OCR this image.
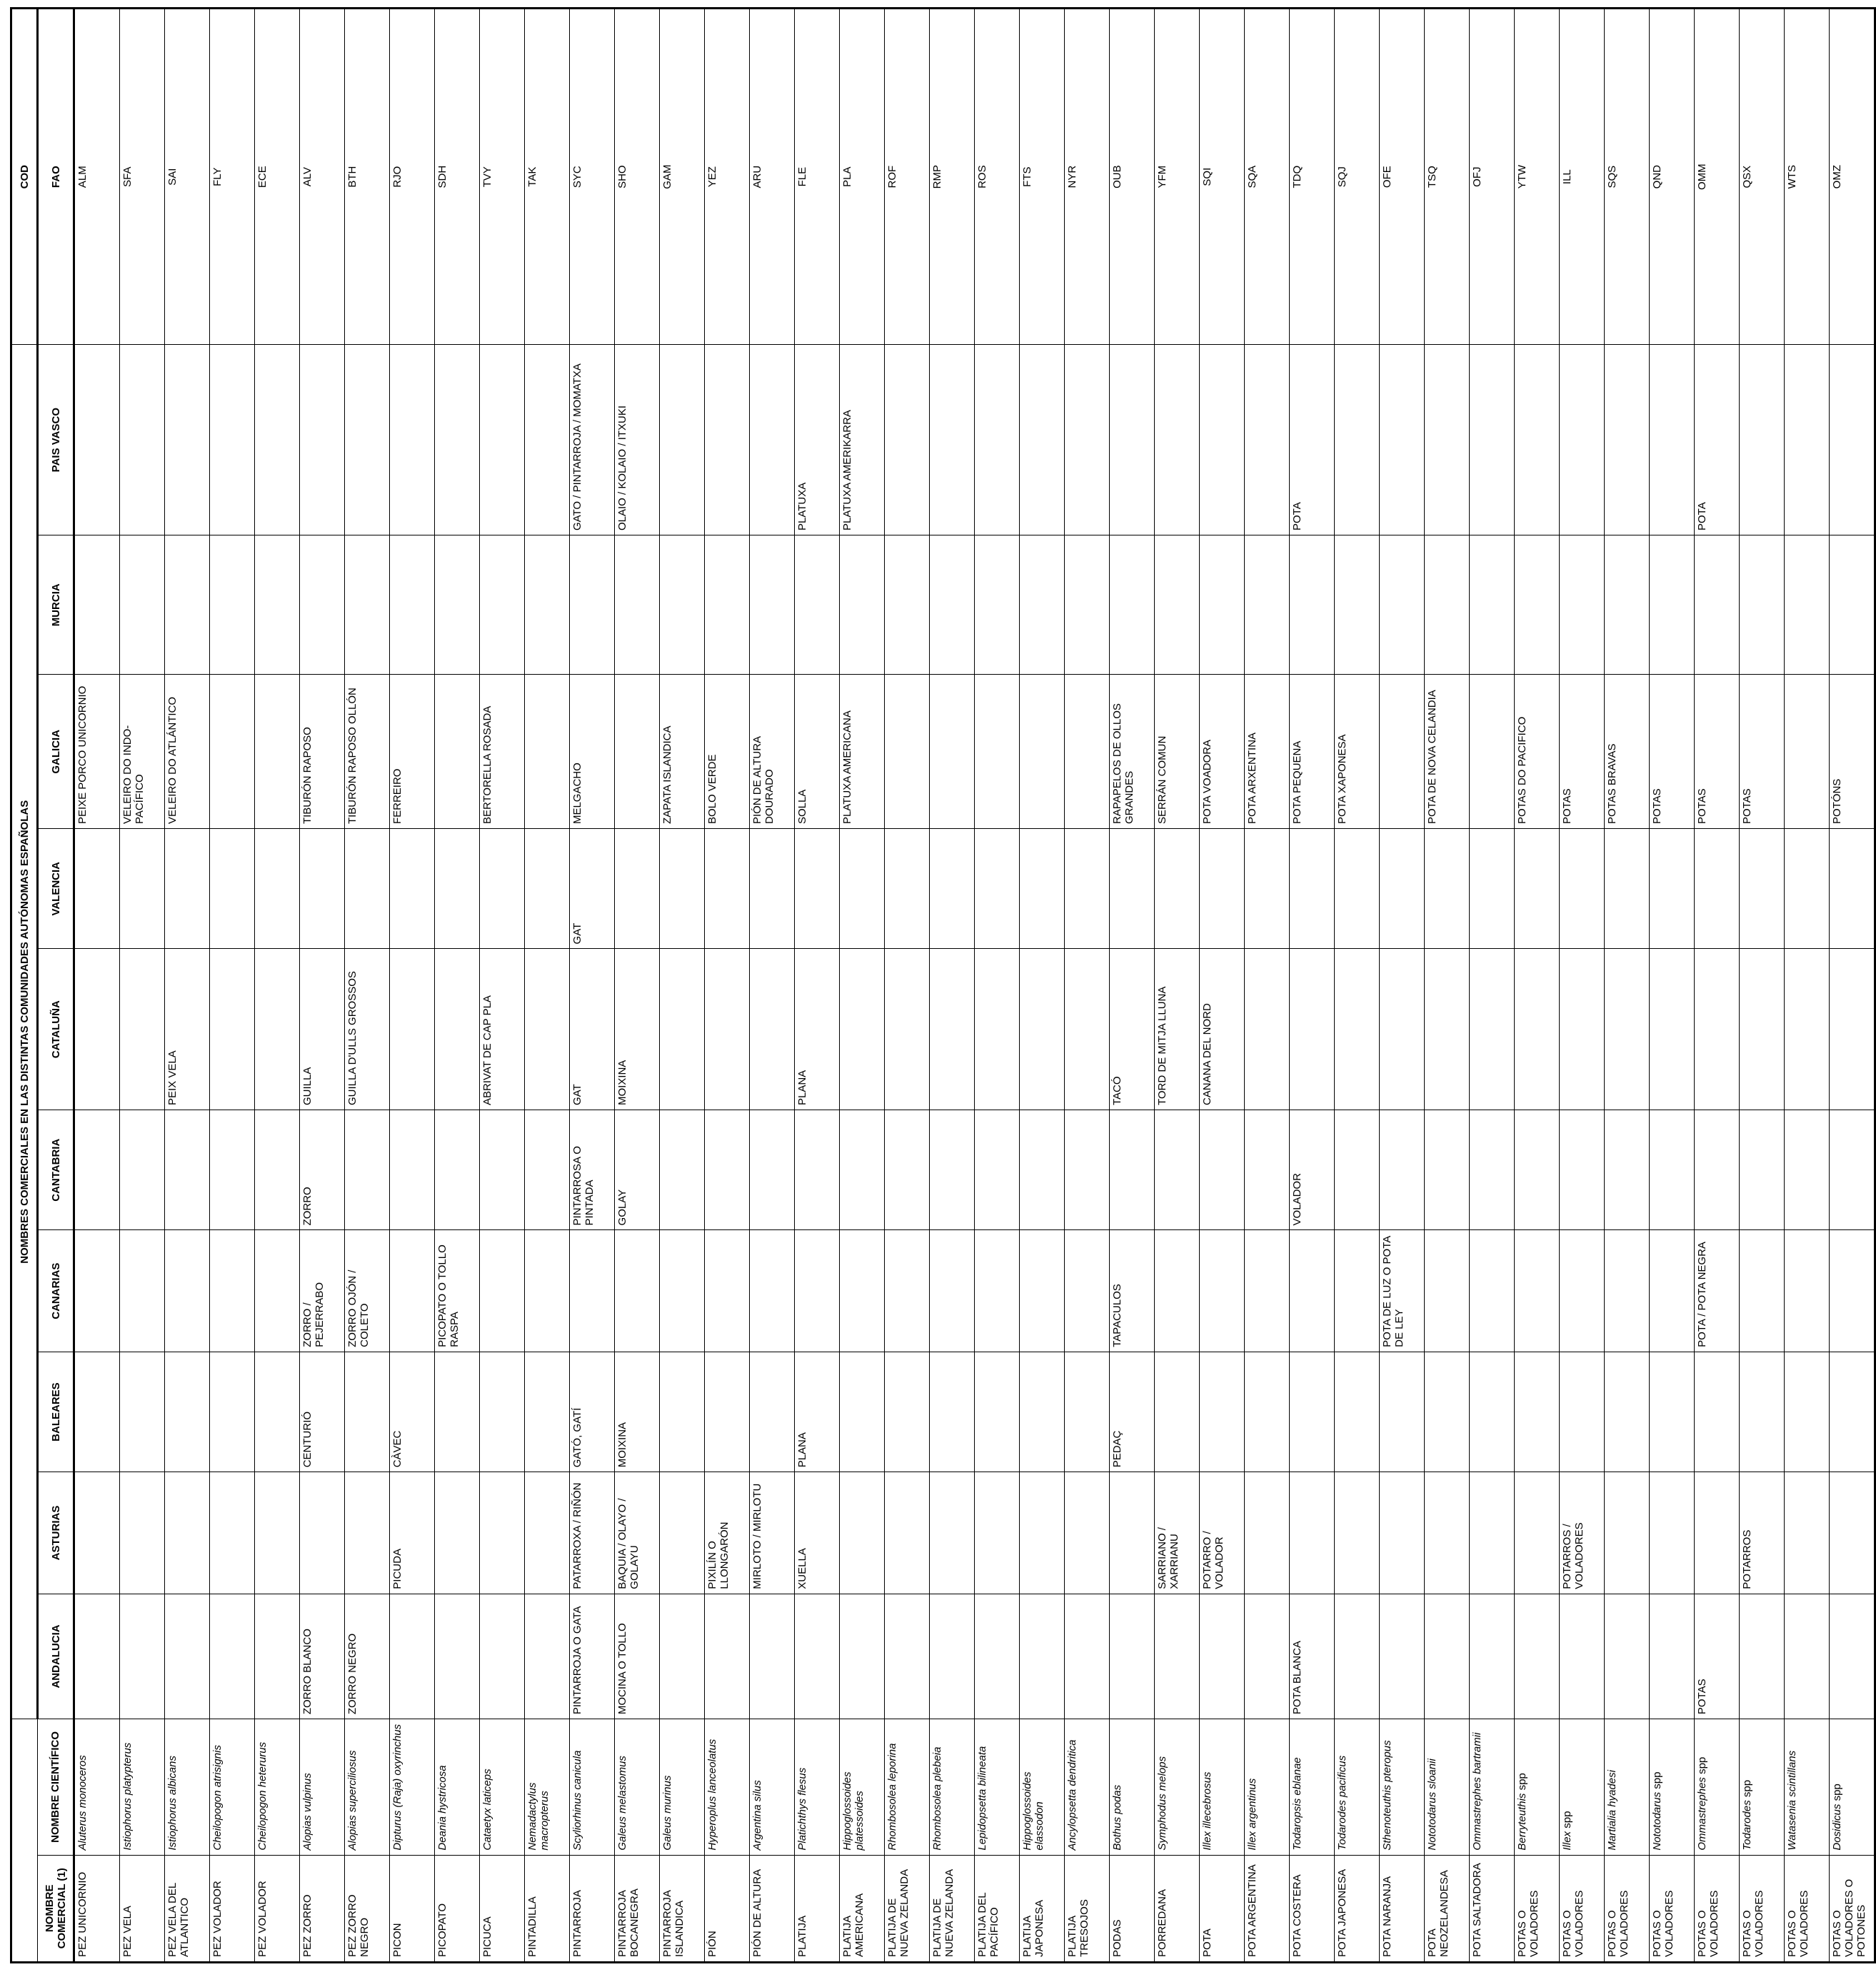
		NOMBRES COMERCIALES EN LAS DISTINTAS COMUNIDADES AUTÓNOMAS ESPAÑOLAS										COD
NOMBRE COMERCIAL (1)	NOMBRE CIENTÍFICO	ANDALUCIA	ASTURIAS	BALEARES	CANARIAS	CANTABRIA	CATALUÑA	VALENCIA	GALICIA	MURCIA	PAIS VASCO	FAO
PEZ UNICORNIO	Aluterus monoceros								PEIXE PORCO UNICORNIO			ALM
PEZ VELA	Istiophorus platypterus								VELEIRO DO INDO-PACÍFICO			SFA
PEZ VELA DEL ATLANTICO	Istiophorus albicans						PEIX VELA		VELEIRO DO ATLÁNTICO			SAI
PEZ VOLADOR	Cheilopogon atrisignis											FLY
PEZ VOLADOR	Cheilopogon heterurus											ECE
PEZ ZORRO	Alopias vulpinus	ZORRO BLANCO		CENTURIÓ	ZORRO / PEJERRABO	ZORRO	GUILLA		TIBURÓN RAPOSO			ALV
PEZ ZORRO NEGRO	Alopias superciliosus	ZORRO NEGRO			ZORRO OJÓN / COLETO		GUILLA D'ULLS GROSSOS		TIBURÓN RAPOSO OLLÓN			BTH
PICON	Dipturus (Raja) oxyrinchus		PICUDA	CÀVEC					FERREIRO			RJO
PICOPATO	Deania hystricosa				PICOPATO O TOLLO RASPA							SDH
PICUCA	Cataetyx laticeps						ABRIVAT DE CAP PLA		BERTORELLA ROSADA			TVY
PINTADILLA	Nemadactylus macropterus											TAK
PINTARROJA	Scyliorhinus canicula	PINTARROJA O GATA	PATARROXA / RIÑÓN	GATÓ, GATÍ		PINTARROSA O PINTADA	GAT	GAT	MELGACHO		GATO / PINTARROJA / MOMATXA	SYC
PINTARROJA BOCANEGRA	Galeus melastomus	MOCINA O TOLLO	BAQUIA / OLAYO / GOLAYU	MOIXINA		GOLAY	MOIXINA				OLAIO / KOLAIO / ITXUKI	SHO
PINTARROJA ISLANDICA	Galeus murinus								ZAPATA ISLANDICA			GAM
PIÓN	Hyperoplus lanceolatus		PIXILÍN O LLONGARÓN						BOLO VERDE			YEZ
PIÓN DE ALTURA	Argentina silus		MIRLOTO / MIRLOTU						PIÓN DE ALTURA DOURADO			ARU
PLATIJA	Platichthys flesus		XUELLA	PLANA			PLANA		SOLLA		PLATUXA	FLE
PLATIJA AMERICANA	Hippoglossoides platessoides								PLATUXA AMERICANA		PLATUXA AMERIKARRA	PLA
PLATIJA DE NUEVA ZELANDA	Rhombosolea leporina											ROF
PLATIJA DE NUEVA ZELANDA	Rhombosolea plebeia											RMP
PLATIJA DEL PACÍFICO	Lepidopsetta bilineata											ROS
PLATIJA JAPONESA	Hippoglossoides elassodon											FTS
PLATIJA TRESOJOS	Ancylopsetta dendritica											NYR
PODAS	Bothus podas			PEDAÇ	TAPACULOS		TACÓ		RAPAPELOS DE OLLOS GRANDES			OUB
PORREDANA	Symphodus melops		SARRIANO / XARRIANU				TORD DE MITJA LLUNA		SERRÁN COMUN			YFM
POTA	Illex illecebrosus		POTARRO / VOLADOR				CANANA DEL NORD		POTA VOADORA			SQI
POTA ARGENTINA	Illex argentinus								POTA ARXENTINA			SQA
POTA COSTERA	Todaropsis eblanae	POTA BLANCA				VOLADOR			POTA PEQUENA		POTA	TDQ
POTA JAPONESA	Todarodes pacificus								POTA XAPONESA			SQJ
POTA NARANJA	Sthenoteuthis pteropus				POTA DE LUZ O POTA DE LEY							OFE
POTA NEOZELANDESA	Nototodarus sloanii								POTA DE NOVA CELANDIA			TSQ
POTA SALTADORA	Ommastrephes bartramii											OFJ
POTAS O VOLADORES	Berryteuthis spp								POTAS DO PACIFICO			YTW
POTAS O VOLADORES	Illex spp		POTARROS / VOLADORES						POTAS			ILL
POTAS O VOLADORES	Martialia hyadesi								POTAS BRAVAS			SQS
POTAS O VOLADORES	Nototodarus spp								POTAS			QND
POTAS O VOLADORES	Ommastrephes spp	POTAS			POTA / POTA NEGRA				POTAS		POTA	OMM
POTAS O VOLADORES	Todarodes spp		POTARROS						POTAS			QSX
POTAS O VOLADORES	Watasenia scintillans											WTS
POTAS O VOLADORES O POTONES	Dosidicus spp								POTÓNS			OMZ
